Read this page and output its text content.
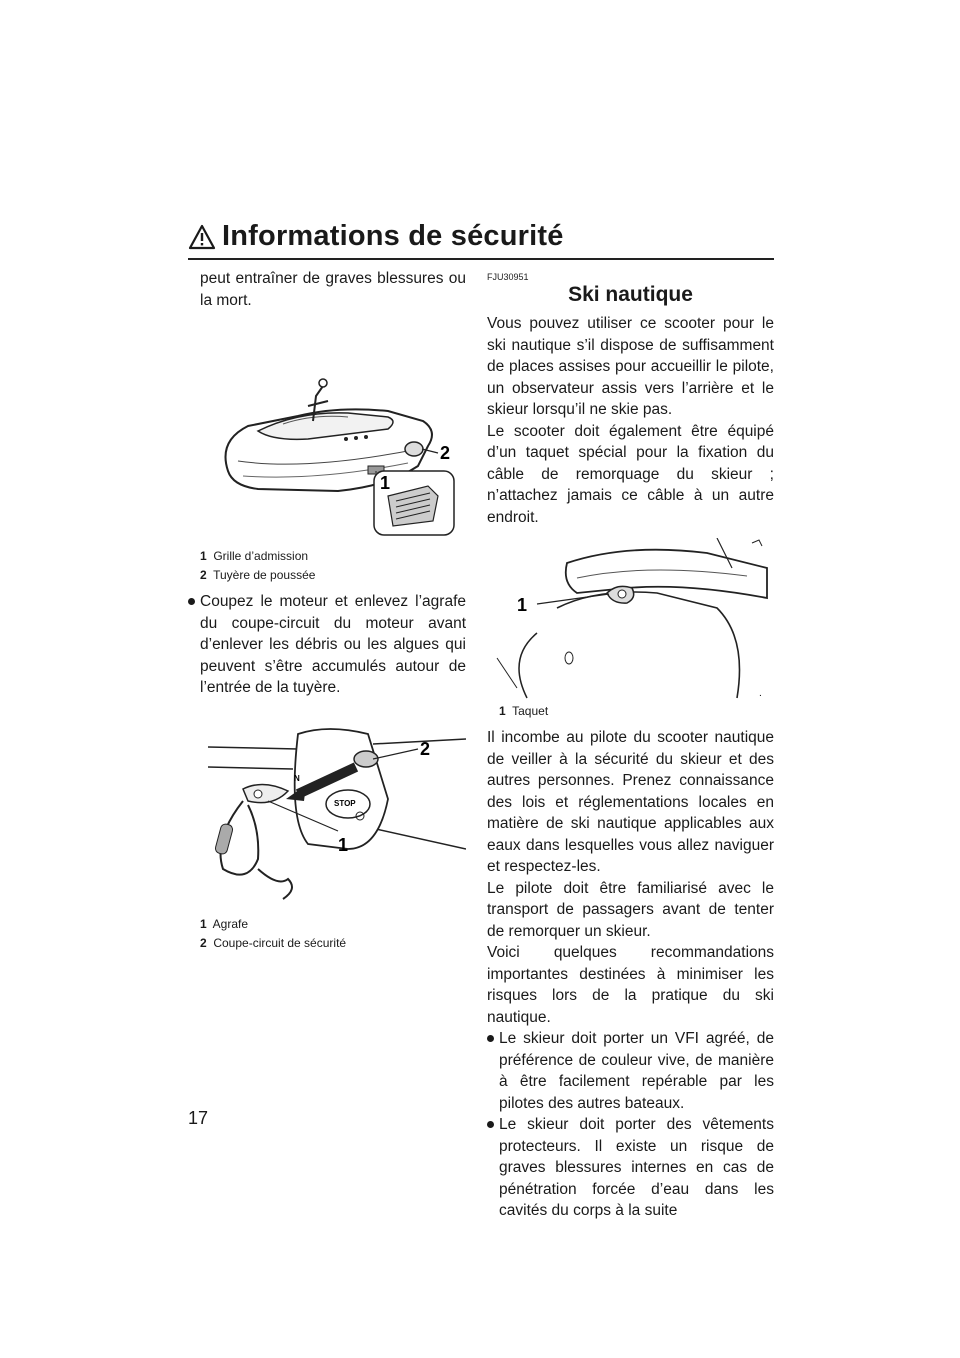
Informations de sécurité

peut entraîner de graves blessures ou la mort.

2
1
1 Grille d’admission
2 Tuyère de poussée
Coupez le moteur et enlevez l’agrafe du coupe-circuit du moteur avant d’enlever les débris ou les algues qui peuvent s’être accumulés autour de l’entrée de la tuyère.
STOP
N
2
1
1 Agrafe
2 Coupe-circuit de sécurité

FJU30951

Ski nautique

Vous pouvez utiliser ce scooter pour le ski nautique s’il dispose de suffisamment de places assises pour accueillir le pilote, un observateur assis vers l’arrière et le skieur lorsqu’il ne skie pas.

Le scooter doit également être équipé d’un taquet spécial pour la fixation du câble de remorquage du skieur ; n’attachez jamais ce câble à un autre endroit.

1
.
1 Taquet

Il incombe au pilote du scooter nautique de veiller à la sécurité du skieur et des autres personnes. Prenez connaissance des lois et réglementations locales en matière de ski nautique applicables aux eaux dans lesquelles vous allez naviguer et respectez-les.

Le pilote doit être familiarisé avec le transport de passagers avant de tenter de remorquer un skieur.

Voici quelques recommandations importantes destinées à minimiser les risques lors de la pratique du ski nautique.

Le skieur doit porter un VFI agréé, de préférence de couleur vive, de manière à être facilement repérable par les pilotes des autres bateaux.
Le skieur doit porter des vêtements protecteurs. Il existe un risque de graves blessures internes en cas de pénétration forcée d’eau dans les cavités du corps à la suite
17
